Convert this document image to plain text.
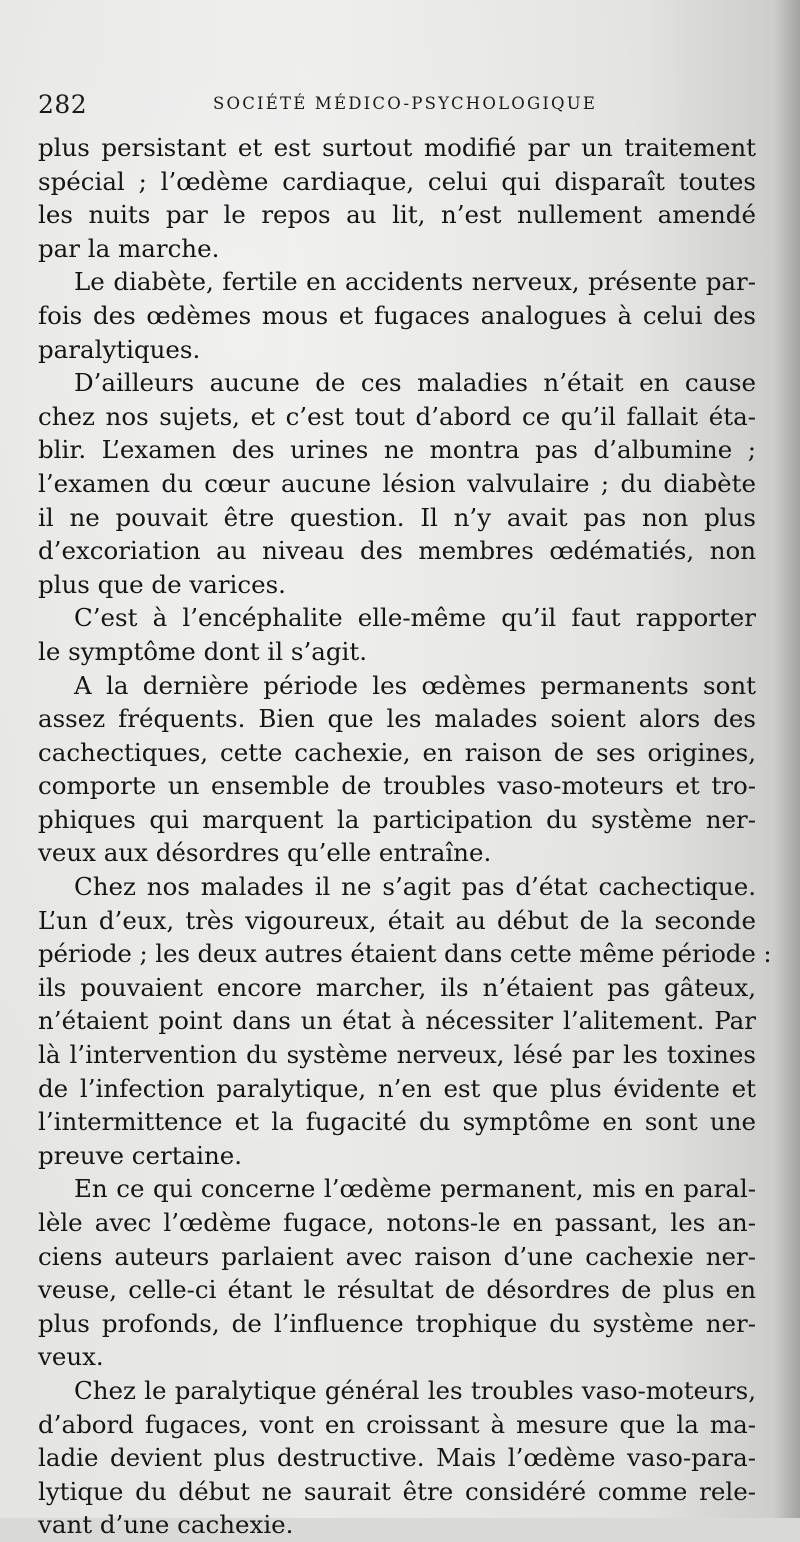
282	SOCIÉTÉ MÉDICO-PSYCHOLOGIQUE
plus persistant et est surtout modifié par un traitement
spécial ; l’œdème cardiaque, celui qui disparaît toutes
les nuits par le repos au lit, n’est nullement amendé
par la marche.
Le diabète, fertile en accidents nerveux, présente par-
fois des œdèmes mous et fugaces analogues à celui des
paralytiques.
D’ailleurs aucune de ces maladies n’était en cause
chez nos sujets, et c’est tout d’abord ce qu’il fallait éta-
blir. L’examen des urines ne montra pas d’albumine ;
l’examen du cœur aucune lésion valvulaire ; du diabète
il ne pouvait être question. Il n’y avait pas non plus
d’excoriation au niveau des membres œdématiés, non
plus que de varices.
C’est à l’encéphalite elle-même qu’il faut rapporter
le symptôme dont il s’agit.
A la dernière période les œdèmes permanents sont
assez fréquents. Bien que les malades soient alors des
cachectiques, cette cachexie, en raison de ses origines,
comporte un ensemble de troubles vaso-moteurs et tro-
phiques qui marquent la participation du système ner-
veux aux désordres qu’elle entraîne.
Chez nos malades il ne s’agit pas d’état cachectique.
L’un d’eux, très vigoureux, était au début de la seconde
période ; les deux autres étaient dans cette même période :
ils pouvaient encore marcher, ils n’étaient pas gâteux,
n’étaient point dans un état à nécessiter l’alitement. Par
là l’intervention du système nerveux, lésé par les toxines
de l’infection paralytique, n’en est que plus évidente et
l’intermittence et la fugacité du symptôme en sont une
preuve certaine.
En ce qui concerne l’œdème permanent, mis en paral-
lèle avec l’œdème fugace, notons-le en passant, les an-
ciens auteurs parlaient avec raison d’une cachexie ner-
veuse, celle-ci étant le résultat de désordres de plus en
plus profonds, de l’influence trophique du système ner-
veux.
Chez le paralytique général les troubles vaso-moteurs,
d’abord fugaces, vont en croissant à mesure que la ma-
ladie devient plus destructive. Mais l’œdème vaso-para-
lytique du début ne saurait être considéré comme rele-
vant d’une cachexie.
